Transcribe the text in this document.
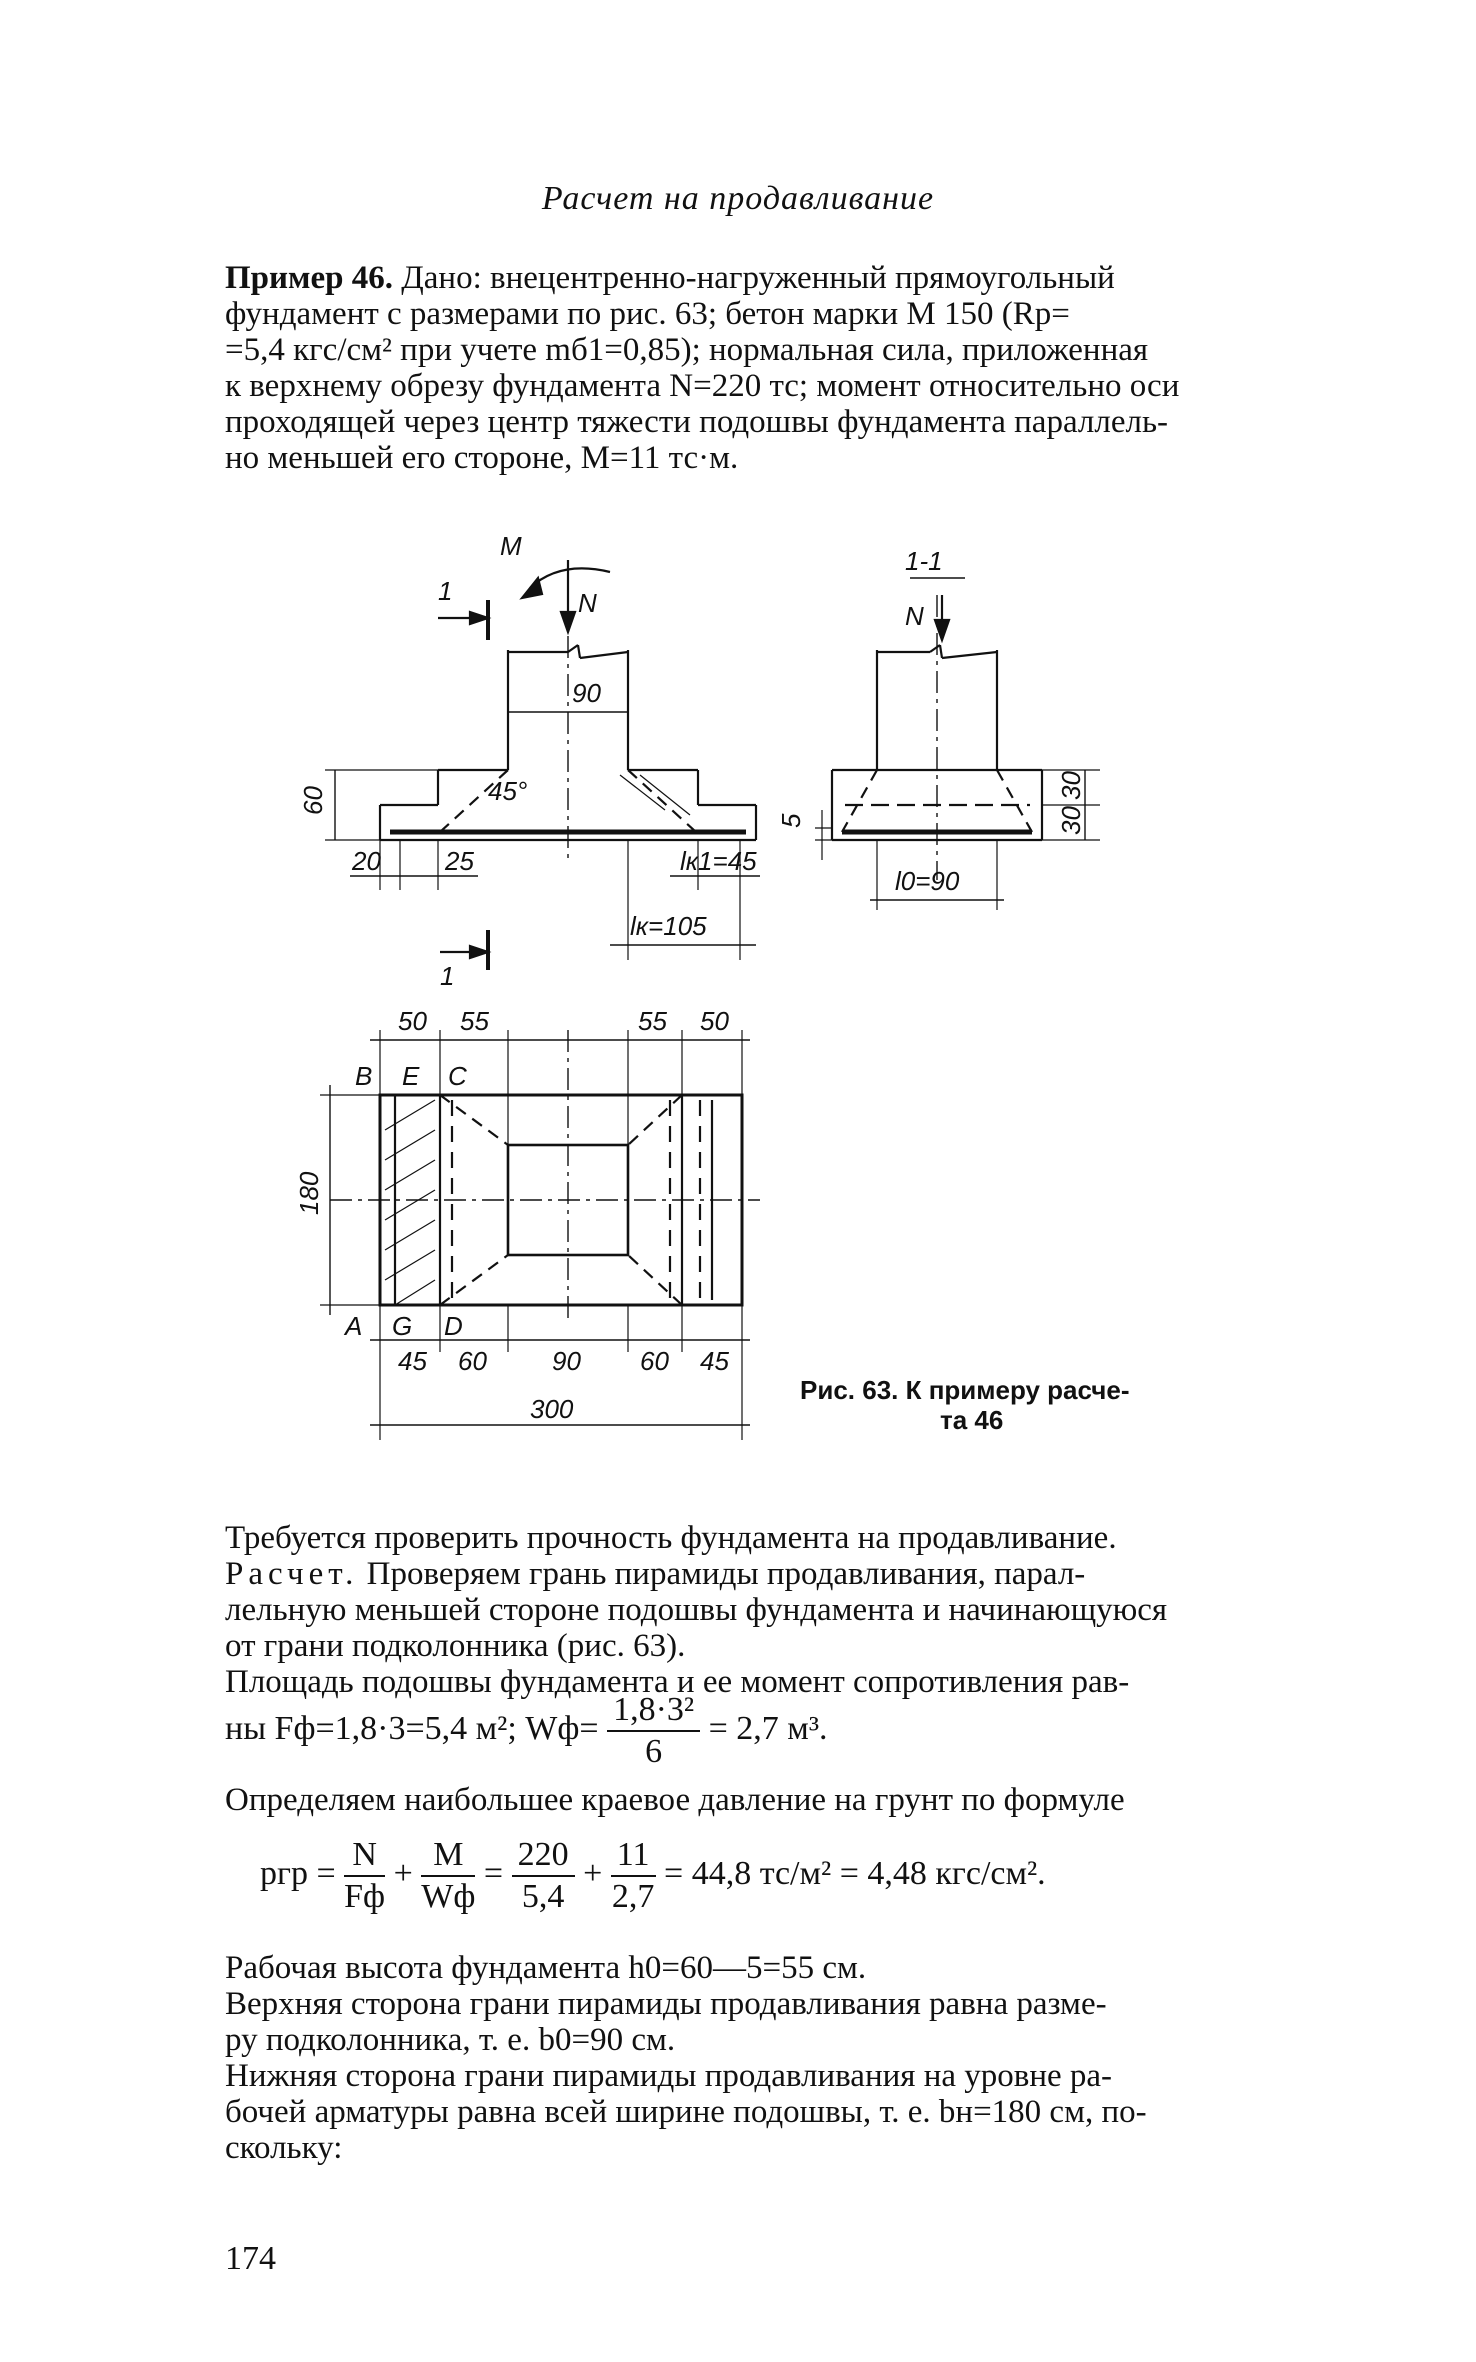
Расчет на продавливание
Пример 46. Дано: внецентренно-нагруженный прямоугольный
фундамент с размерами по рис. 63; бетон марки М 150 (Rр=
=5,4 кгс/см² при учете mб1=0,85); нормальная сила, приложенная
к верхнему обрезу фундамента N=220 тс; момент относительно оси
проходящей через центр тяжести подошвы фундамента параллель-
но меньшей его стороне, M=11 тс·м.
M
N
1
1
45°
1-1
N
90
60
20 25	lк1=45
lк=105
5
l0=90
30
30
50 55	55 50
B E C
A G D
180
45 60	90 60 45
300
Рис. 63. К примеру расче-
та 46
Требуется проверить прочность фундамента на продавливание.
Расчет. Проверяем грань пирамиды продавливания, парал-
лельную меньшей стороне подошвы фундамента и начинающуюся
от грани подколонника (рис. 63).
Площадь подошвы фундамента и ее момент сопротивления рав-
ны Fф=1,8·3=5,4 м²; $Wф= \frac{\text{1,8·3²}}{6} = 2,7$ м³.
Определяем наибольшее краевое давление на грунт по формуле
pгр = $\frac{N}{Fф} + \frac{M}{Wф} = \frac{220}{5,4} + \frac{11}{2,7} = 44,8$ тс/м² = 4,48 кгс/см².
Рабочая высота фундамента h0=60—5=55 см.
Верхняя сторона грани пирамиды продавливания равна разме-
ру подколонника, т. е. b0=90 см.
Нижняя сторона грани пирамиды продавливания на уровне ра-
бочей арматуры равна всей ширине подошвы, т. е. bн=180 см, по-
скольку:
174
